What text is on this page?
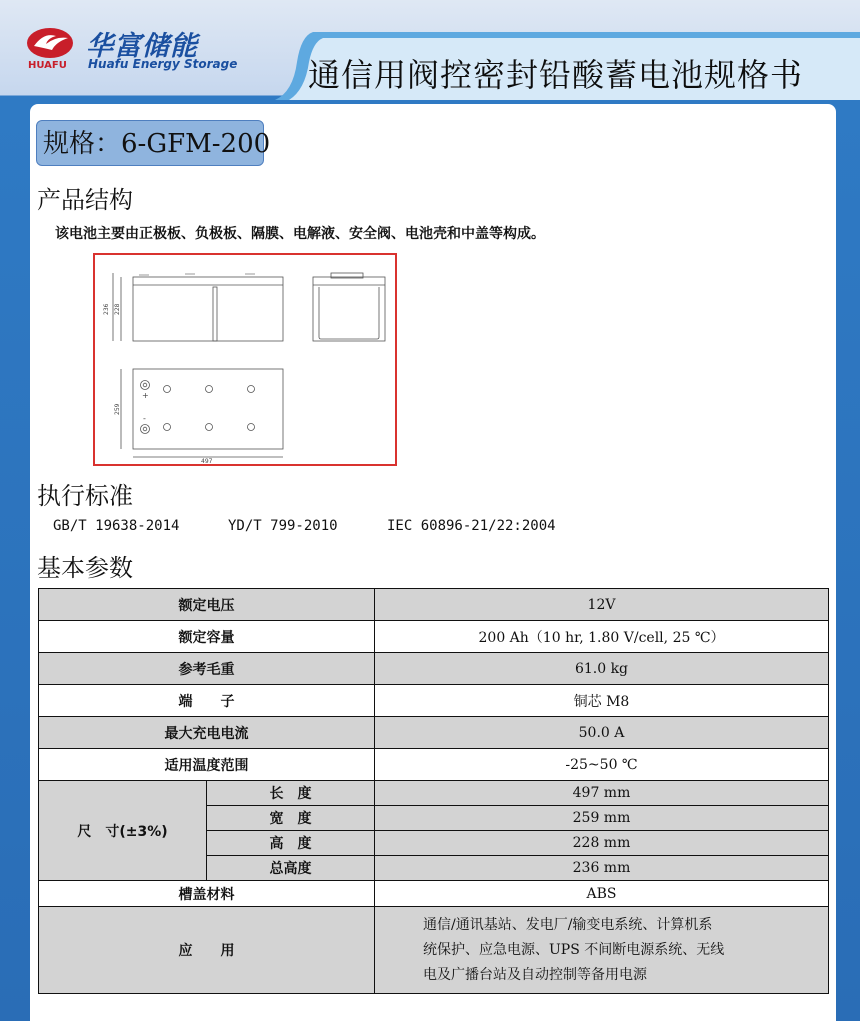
华富储能
Huafu Energy Storage
HUAFU	通信用阀控密封铅酸蓄电池规格书
规格：6-GFM-200
产品结构
该电池主要由正极板、负极板、隔膜、电解液、安全阀、电池壳和中盖等构成。
236 228
259
497
+
-
执行标准
GB/T 19638-2014	YD/T 799-2010	IEC 60896-21/22:2004
基本参数
额定电压		12V
额定容量		200 Ah（10 hr, 1.80 V/cell, 25 ℃）
参考毛重		61.0 kg
端　　子		铜芯 M8
最大充电电流		50.0 A
适用温度范围		-25~50 ℃
尺　寸(±3%)	长　度	497 mm
	宽　度	259 mm
	高　度	228 mm
	总高度	236 mm
槽盖材料		ABS
应　　用		通信/通讯基站、发电厂/输变电系统、计算机系
统保护、应急电源、UPS 不间断电源系统、无线
电及广播台站及自动控制等备用电源
